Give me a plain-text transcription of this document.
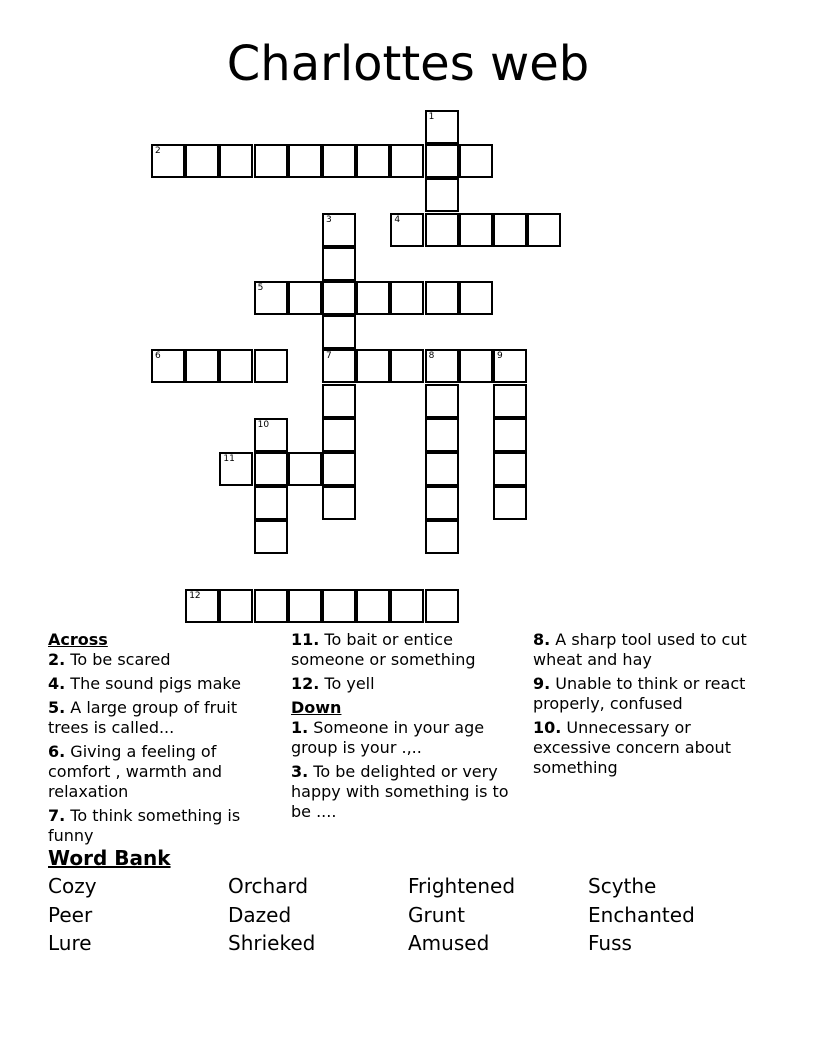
Charlottes web
1
2
3
7
4
5
6	8	9
10
11
12
Across
2. To be scared
4. The sound pigs make
5. A large group of fruit trees is called...
6. Giving a feeling of comfort , warmth and relaxation
7. To think something is funny
11. To bait or entice someone or something
12. To yell
Down
1. Someone in your age group is your .,..
3. To be delighted or very happy with something is to be ....
8. A sharp tool used to cut wheat and hay
9. Unable to think or react properly, confused
10. Unnecessary or excessive concern about something
Word Bank
Cozy	Orchard	Frightened	Scythe
Peer	Dazed	Grunt	Enchanted
Lure	Shrieked	Amused	Fuss
